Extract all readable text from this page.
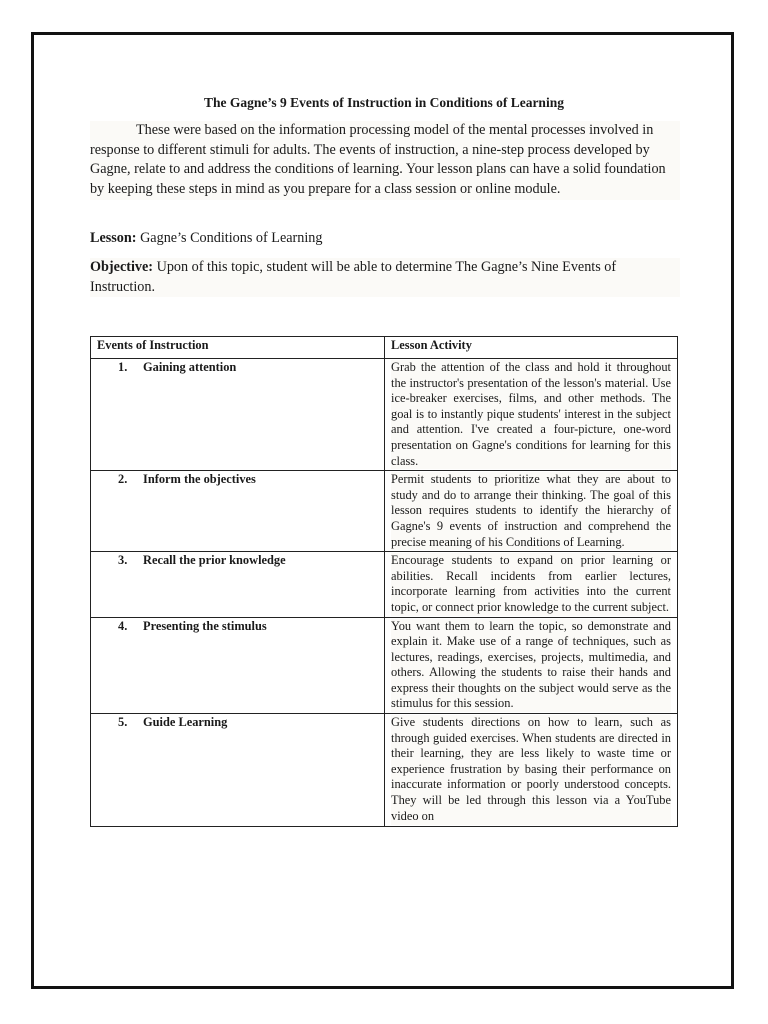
The Gagne’s 9 Events of Instruction in Conditions of Learning

These were based on the information processing model of the mental processes involved in response to different stimuli for adults. The events of instruction, a nine-step process developed by Gagne, relate to and address the conditions of learning. Your lesson plans can have a solid foundation by keeping these steps in mind as you prepare for a class session or online module.

Lesson: Gagne’s Conditions of Learning
Objective: Upon of this topic, student will be able to determine The Gagne’s Nine Events of Instruction.
Events of Instruction	Lesson Activity

1. Gaining attention	Grab the attention of the class and hold it throughout the instructor's presentation of the lesson's material. Use ice-breaker exercises, films, and other methods. The goal is to instantly pique students' interest in the subject and attention. I've created a four-picture, one-word presentation on Gagne's conditions for learning for this class.

2. Inform the objectives	Permit students to prioritize what they are about to study and do to arrange their thinking. The goal of this lesson requires students to identify the hierarchy of Gagne's 9 events of instruction and comprehend the precise meaning of his Conditions of Learning.

3. Recall the prior knowledge	Encourage students to expand on prior learning or abilities. Recall incidents from earlier lectures, incorporate learning from activities into the current topic, or connect prior knowledge to the current subject.

4. Presenting the stimulus	You want them to learn the topic, so demonstrate and explain it. Make use of a range of techniques, such as lectures, readings, exercises, projects, multimedia, and others. Allowing the students to raise their hands and express their thoughts on the subject would serve as the stimulus for this session.

5. Guide Learning	Give students directions on how to learn, such as through guided exercises. When students are directed in their learning, they are less likely to waste time or experience frustration by basing their performance on inaccurate information or poorly understood concepts. They will be led through this lesson via a YouTube video on
